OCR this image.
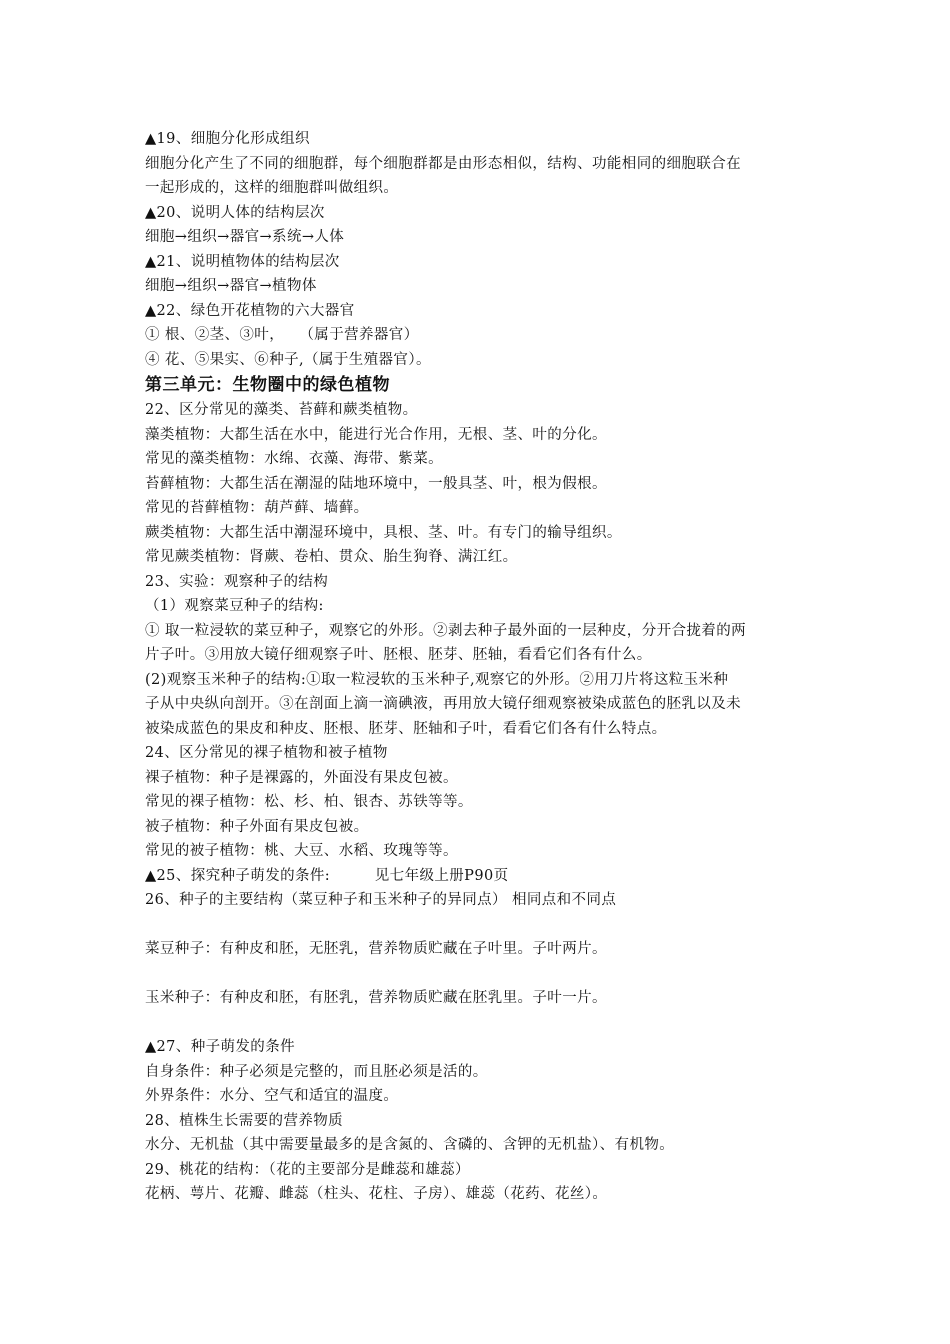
▲19、细胞分化形成组织
细胞分化产生了不同的细胞群，每个细胞群都是由形态相似，结构、功能相同的细胞联合在
一起形成的，这样的细胞群叫做组织。
▲20、说明人体的结构层次
细胞→组织→器官→系统→人体
▲21、说明植物体的结构层次
细胞→组织→器官→植物体
▲22、绿色开花植物的六大器官
① 根、②茎、③叶，　　（属于营养器官）
④ 花、⑤果实、⑥种子,（属于生殖器官）。
第三单元：生物圈中的绿色植物
22、区分常见的藻类、苔藓和蕨类植物。
藻类植物：大都生活在水中，能进行光合作用，无根、茎、叶的分化。
常见的藻类植物：水绵、衣藻、海带、紫菜。
苔藓植物：大都生活在潮湿的陆地环境中，一般具茎、叶，根为假根。
常见的苔藓植物：葫芦藓、墙藓。
蕨类植物：大都生活中潮湿环境中，具根、茎、叶。有专门的输导组织。
常见蕨类植物：肾蕨、卷柏、贯众、胎生狗脊、满江红。
23、实验：观察种子的结构
（1）观察菜豆种子的结构:
① 取一粒浸软的菜豆种子，观察它的外形。②剥去种子最外面的一层种皮，分开合拢着的两
片子叶。③用放大镜仔细观察子叶、胚根、胚芽、胚轴，看看它们各有什么。
(2)观察玉米种子的结构:①取一粒浸软的玉米种子,观察它的外形。②用刀片将这粒玉米种
子从中央纵向剖开。③在剖面上滴一滴碘液，再用放大镜仔细观察被染成蓝色的胚乳以及未
被染成蓝色的果皮和种皮、胚根、胚芽、胚轴和子叶，看看它们各有什么特点。
24、区分常见的裸子植物和被子植物
裸子植物：种子是裸露的，外面没有果皮包被。
常见的裸子植物：松、杉、柏、银杏、苏铁等等。
被子植物：种子外面有果皮包被。
常见的被子植物：桃、大豆、水稻、玫瑰等等。
▲25、探究种子萌发的条件:　　　见七年级上册P90页
26、种子的主要结构（菜豆种子和玉米种子的异同点） 相同点和不同点
菜豆种子：有种皮和胚，无胚乳，营养物质贮藏在子叶里。子叶两片。
玉米种子：有种皮和胚，有胚乳，营养物质贮藏在胚乳里。子叶一片。
▲27、种子萌发的条件
自身条件：种子必须是完整的，而且胚必须是活的。
外界条件：水分、空气和适宜的温度。
28、植株生长需要的营养物质
水分、无机盐（其中需要量最多的是含氮的、含磷的、含钾的无机盐）、有机物。
29、桃花的结构：（花的主要部分是雌蕊和雄蕊）
花柄、萼片、花瓣、雌蕊（柱头、花柱、子房）、雄蕊（花药、花丝）。
